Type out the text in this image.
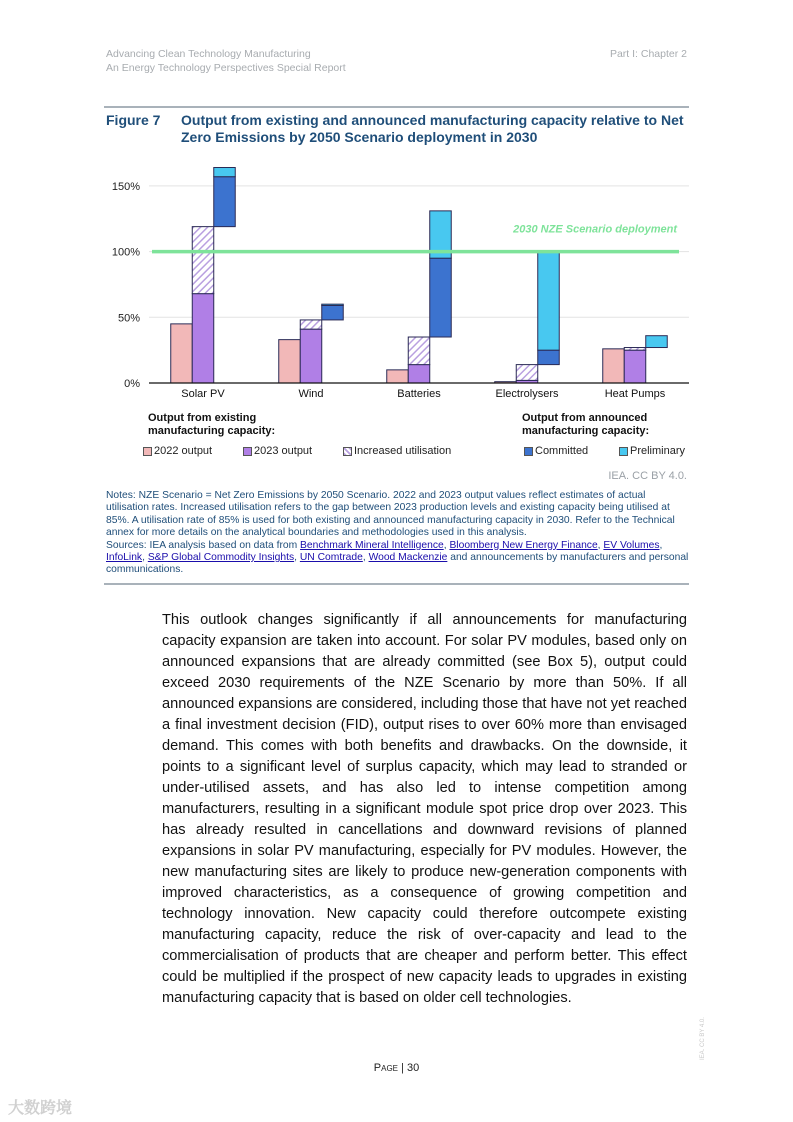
Advancing Clean Technology Manufacturing
An Energy Technology Perspectives Special Report
Part I: Chapter 2
Figure 7 Output from existing and announced manufacturing capacity relative to Net Zero Emissions by 2050 Scenario deployment in 2030
2030 NZE Scenario deployment
0%
50%
100%
150%
Solar PV	Wind	Batteries	Electrolysers	Heat Pumps
Output from existing manufacturing capacity:
Output from announced manufacturing capacity:
2022 output	2023 output	Increased utilisation	Committed	Preliminary
IEA. CC BY 4.0.
Notes: NZE Scenario = Net Zero Emissions by 2050 Scenario. 2022 and 2023 output values reflect estimates of actual utilisation rates. Increased utilisation refers to the gap between 2023 production levels and existing capacity being utilised at 85%. A utilisation rate of 85% is used for both existing and announced manufacturing capacity in 2030. Refer to the Technical annex for more details on the analytical boundaries and methodologies used in this analysis.
Sources: IEA analysis based on data from Benchmark Mineral Intelligence, Bloomberg New Energy Finance, EV Volumes, InfoLink, S&P Global Commodity Insights, UN Comtrade, Wood Mackenzie and announcements by manufacturers and personal communications.
This outlook changes significantly if all announcements for manufacturing capacity expansion are taken into account. For solar PV modules, based only on announced expansions that are already committed (see Box 5), output could exceed 2030 requirements of the NZE Scenario by more than 50%. If all announced expansions are considered, including those that have not yet reached a final investment decision (FID), output rises to over 60% more than envisaged demand. This comes with both benefits and drawbacks. On the downside, it points to a significant level of surplus capacity, which may lead to stranded or under-utilised assets, and has also led to intense competition among manufacturers, resulting in a significant module spot price drop over 2023. This has already resulted in cancellations and downward revisions of planned expansions in solar PV manufacturing, especially for PV modules. However, the new manufacturing sites are likely to produce new-generation components with improved characteristics, as a consequence of growing competition and technology innovation. New capacity could therefore outcompete existing manufacturing capacity, reduce the risk of over-capacity and lead to the commercialisation of products that are cheaper and perform better. This effect could be multiplied if the prospect of new capacity leads to upgrades in existing manufacturing capacity that is based on older cell technologies.
Page | 30
IEA. CC BY 4.0.
大数跨境
